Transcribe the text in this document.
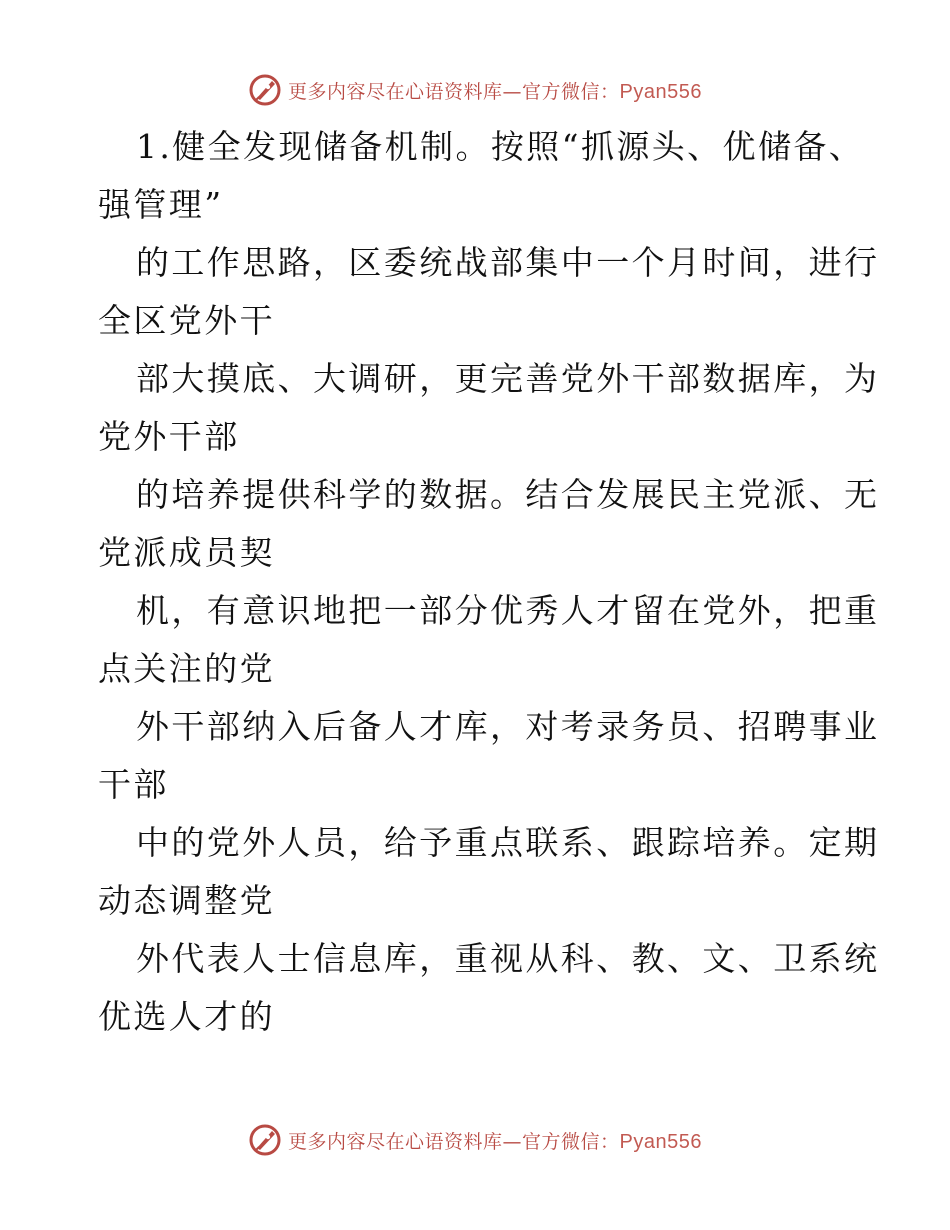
更多内容尽在心语资料库—官方微信：Pyan556
1.健全发现储备机制。按照“抓源头、优储备、
强管理”
的工作思路，区委统战部集中一个月时间，进行
全区党外干
部大摸底、大调研，更完善党外干部数据库，为
党外干部
的培养提供科学的数据。结合发展民主党派、无
党派成员契
机，有意识地把一部分优秀人才留在党外，把重
点关注的党
外干部纳入后备人才库，对考录务员、招聘事业
干部
中的党外人员，给予重点联系、跟踪培养。定期
动态调整党
外代表人士信息库，重视从科、教、文、卫系统
优选人才的
更多内容尽在心语资料库—官方微信：Pyan556
